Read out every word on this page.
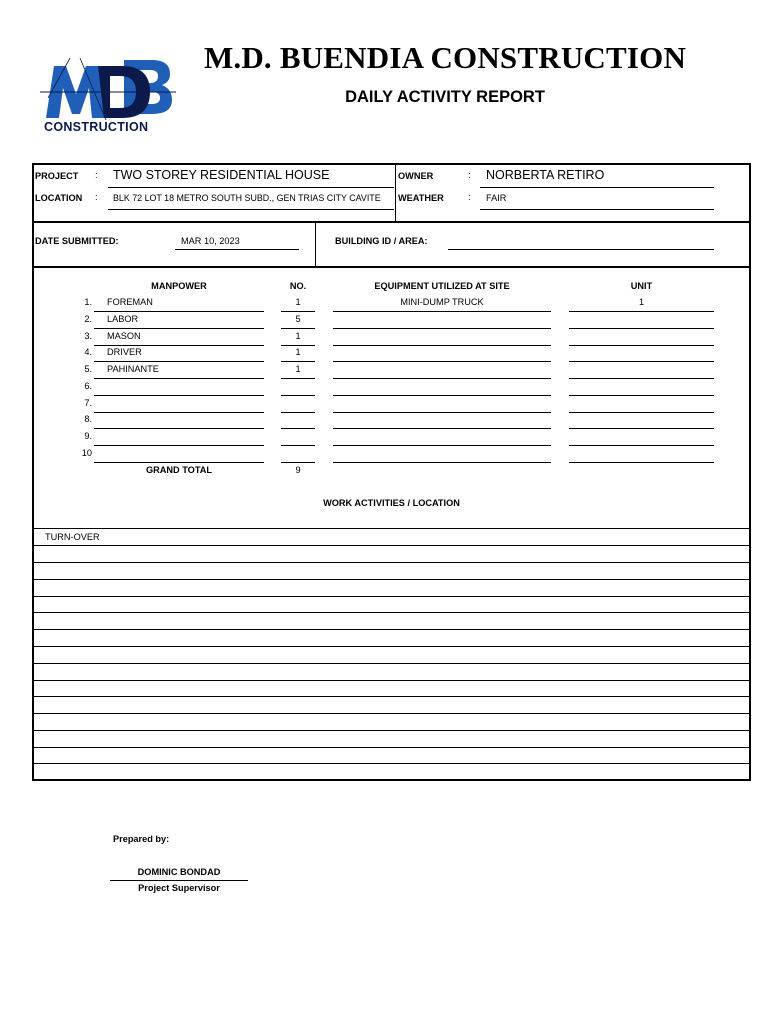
CONSTRUCTION
M.D. BUENDIA CONSTRUCTION
DAILY ACTIVITY REPORT
PROJECT : TWO STOREY RESIDENTIAL HOUSE
LOCATION : BLK 72 LOT 18 METRO SOUTH SUBD., GEN TRIAS CITY CAVITE
OWNER	: NORBERTA RETIRO
WEATHER	: FAIR
DATE SUBMITTED:	MAR 10, 2023	BUILDING ID / AREA:
MANPOWER	NO.	EQUIPMENT UTILIZED AT SITE	UNIT
1. FOREMAN	1	MINI-DUMP TRUCK	1
2. LABOR	5
3. MASON	1
4. DRIVER	1
5. PAHINANTE	1
6.
7.
8.
9.
10
GRAND TOTAL	9
WORK ACTIVITIES / LOCATION
TURN-OVER
Prepared by:
DOMINIC BONDAD
Project Supervisor
